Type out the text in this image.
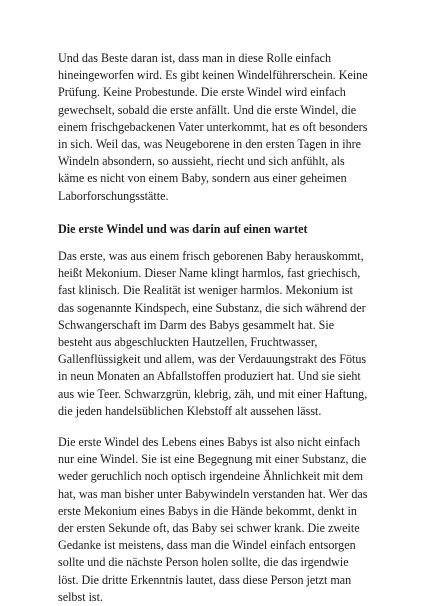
Und das Beste daran ist, dass man in diese Rolle einfach hineingeworfen wird. Es gibt keinen Windelführerschein. Keine Prüfung. Keine Probestunde. Die erste Windel wird einfach gewechselt, sobald die erste anfällt. Und die erste Windel, die einem frischgebackenen Vater unterkommt, hat es oft besonders in sich. Weil das, was Neugeborene in den ersten Tagen in ihre Windeln absondern, so aussieht, riecht und sich anfühlt, als käme es nicht von einem Baby, sondern aus einer geheimen Laborforschungsstätte.

Die erste Windel und was darin auf einen wartet

Das erste, was aus einem frisch geborenen Baby herauskommt, heißt Mekonium. Dieser Name klingt harmlos, fast griechisch, fast klinisch. Die Realität ist weniger harmlos. Mekonium ist das sogenannte Kindspech, eine Substanz, die sich während der Schwangerschaft im Darm des Babys gesammelt hat. Sie besteht aus abgeschluckten Hautzellen, Fruchtwasser, Gallenflüssigkeit und allem, was der Verdauungstrakt des Fötus in neun Monaten an Abfallstoffen produziert hat. Und sie sieht aus wie Teer. Schwarzgrün, klebrig, zäh, und mit einer Haftung, die jeden handelsüblichen Klebstoff alt aussehen lässt.

Die erste Windel des Lebens eines Babys ist also nicht einfach nur eine Windel. Sie ist eine Begegnung mit einer Substanz, die weder geruchlich noch optisch irgendeine Ähnlichkeit mit dem hat, was man bisher unter Babywindeln verstanden hat. Wer das erste Mekonium eines Babys in die Hände bekommt, denkt in der ersten Sekunde oft, das Baby sei schwer krank. Die zweite Gedanke ist meistens, dass man die Windel einfach entsorgen sollte und die nächste Person holen sollte, die das irgendwie löst. Die dritte Erkenntnis lautet, dass diese Person jetzt man selbst ist.
